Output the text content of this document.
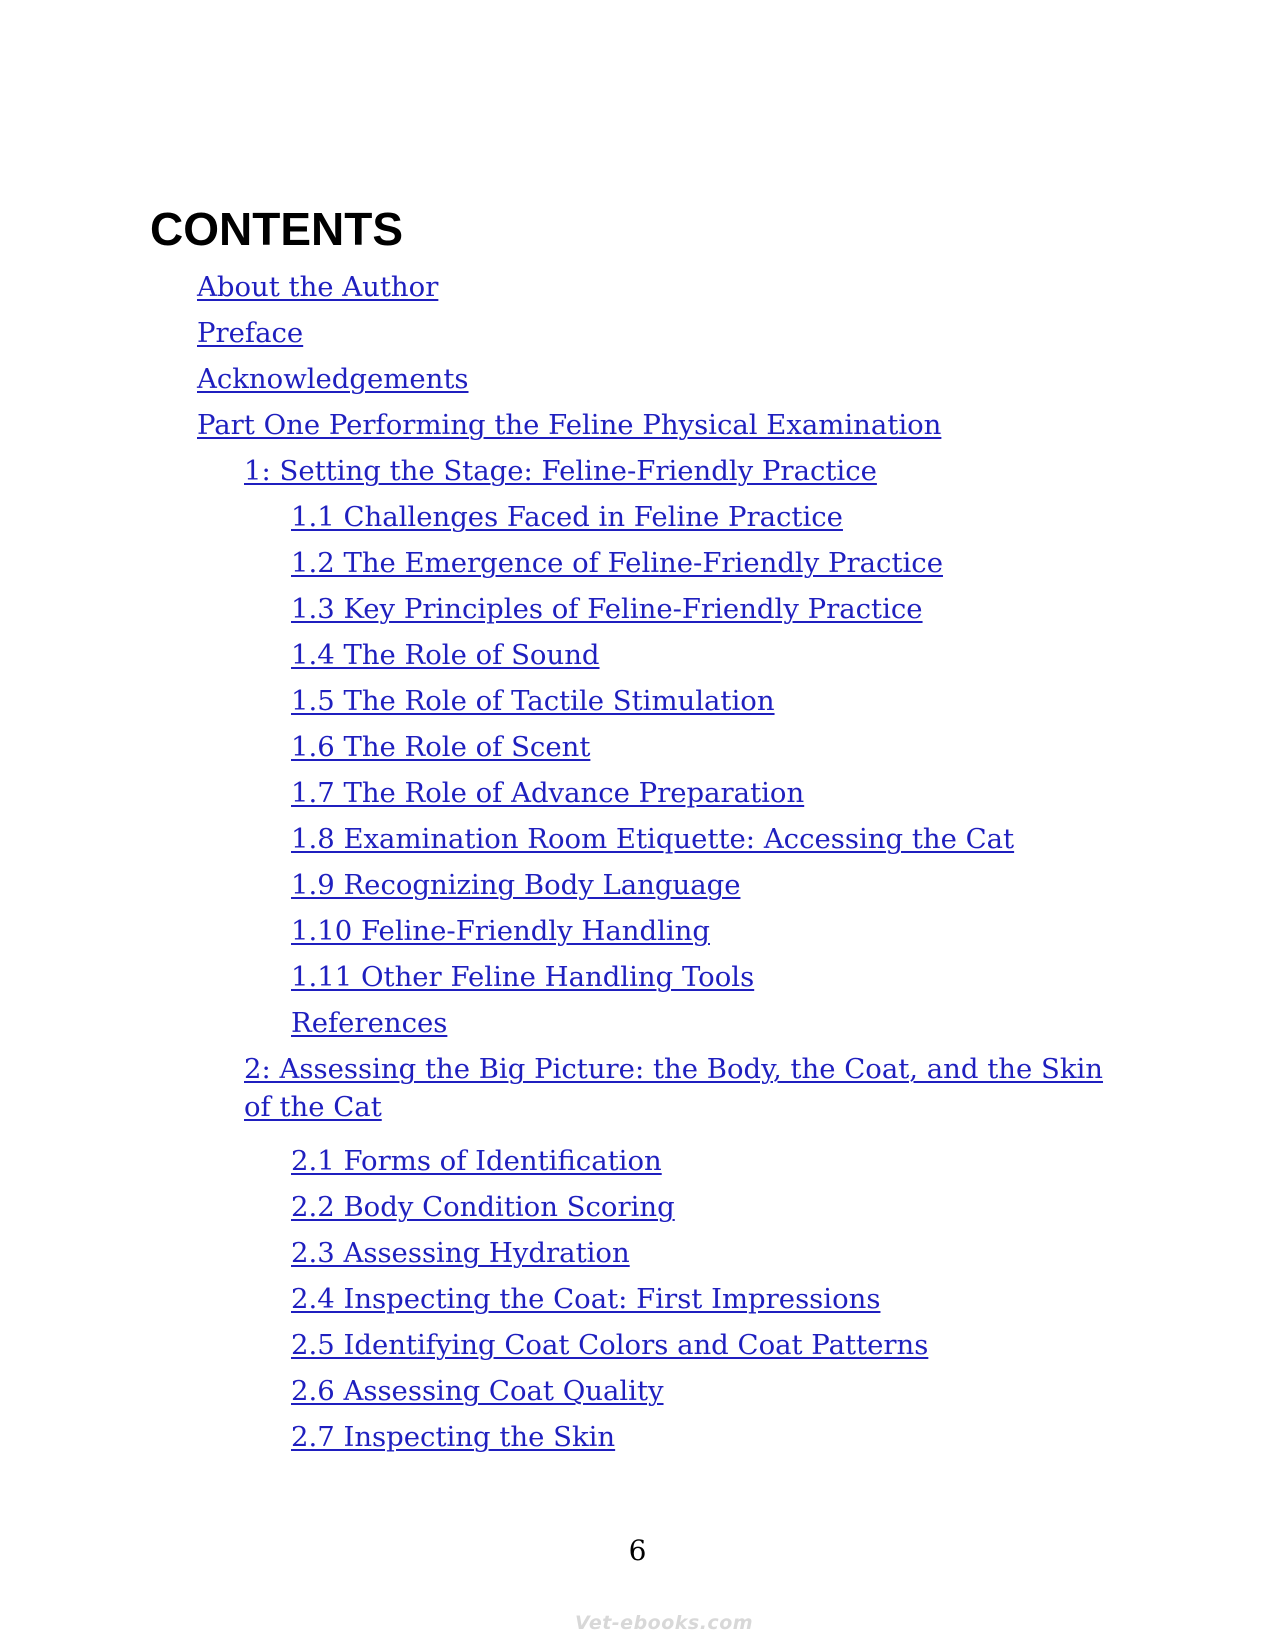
CONTENTS
About the Author
Preface
Acknowledgements
Part One Performing the Feline Physical Examination
1: Setting the Stage: Feline-Friendly Practice
1.1 Challenges Faced in Feline Practice
1.2 The Emergence of Feline-Friendly Practice
1.3 Key Principles of Feline-Friendly Practice
1.4 The Role of Sound
1.5 The Role of Tactile Stimulation
1.6 The Role of Scent
1.7 The Role of Advance Preparation
1.8 Examination Room Etiquette: Accessing the Cat
1.9 Recognizing Body Language
1.10 Feline-Friendly Handling
1.11 Other Feline Handling Tools
References
2: Assessing the Big Picture: the Body, the Coat, and the Skin of the Cat
2.1 Forms of Identification
2.2 Body Condition Scoring
2.3 Assessing Hydration
2.4 Inspecting the Coat: First Impressions
2.5 Identifying Coat Colors and Coat Patterns
2.6 Assessing Coat Quality
2.7 Inspecting the Skin

6

Vet-ebooks.com
